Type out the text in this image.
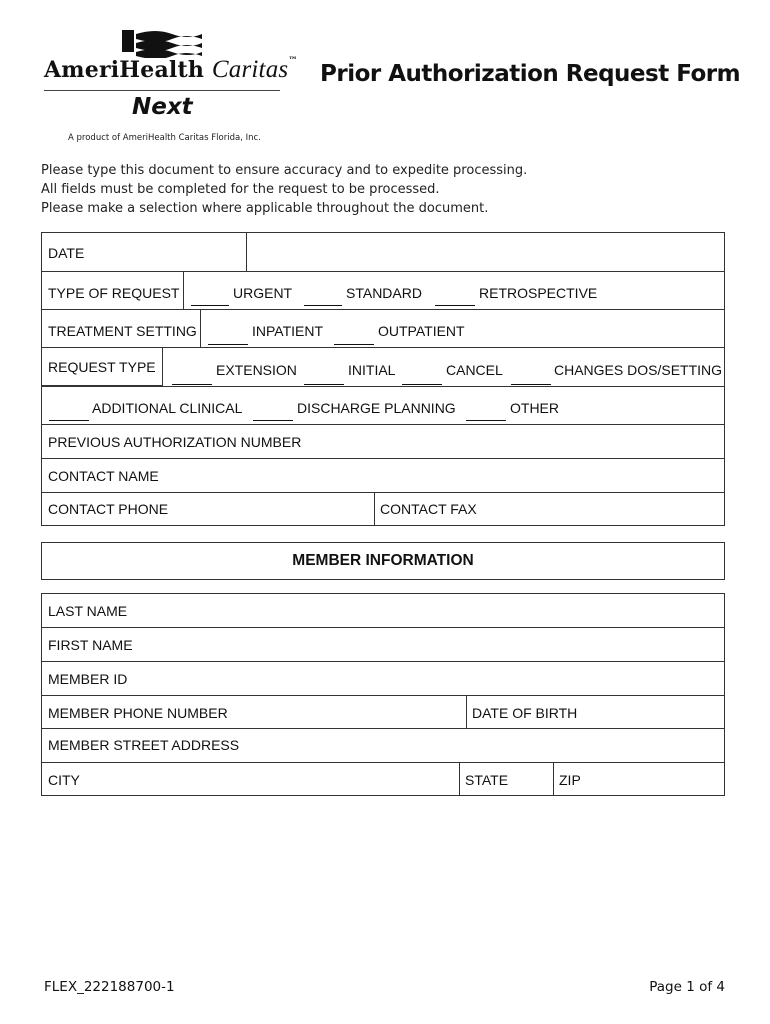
AmeriHealth Caritas™
Next
A product of AmeriHealth Caritas Florida, Inc.
Prior Authorization Request Form
Please type this document to ensure accuracy and to expedite processing.
All fields must be completed for the request to be processed.
Please make a selection where applicable throughout the document.
DATE
TYPE OF REQUEST	URGENT	STANDARD	RETROSPECTIVE
TREATMENT SETTING	INPATIENT	OUTPATIENT
REQUEST TYPE	EXTENSION	INITIAL	CANCEL	CHANGES DOS/SETTING
ADDITIONAL CLINICAL	DISCHARGE PLANNING	OTHER
PREVIOUS AUTHORIZATION NUMBER
CONTACT NAME
CONTACT PHONE	CONTACT FAX
MEMBER INFORMATION
LAST NAME
FIRST NAME
MEMBER ID
MEMBER PHONE NUMBER	DATE OF BIRTH
MEMBER STREET ADDRESS
CITY	STATE	ZIP
FLEX_222188700-1	Page 1 of 4
